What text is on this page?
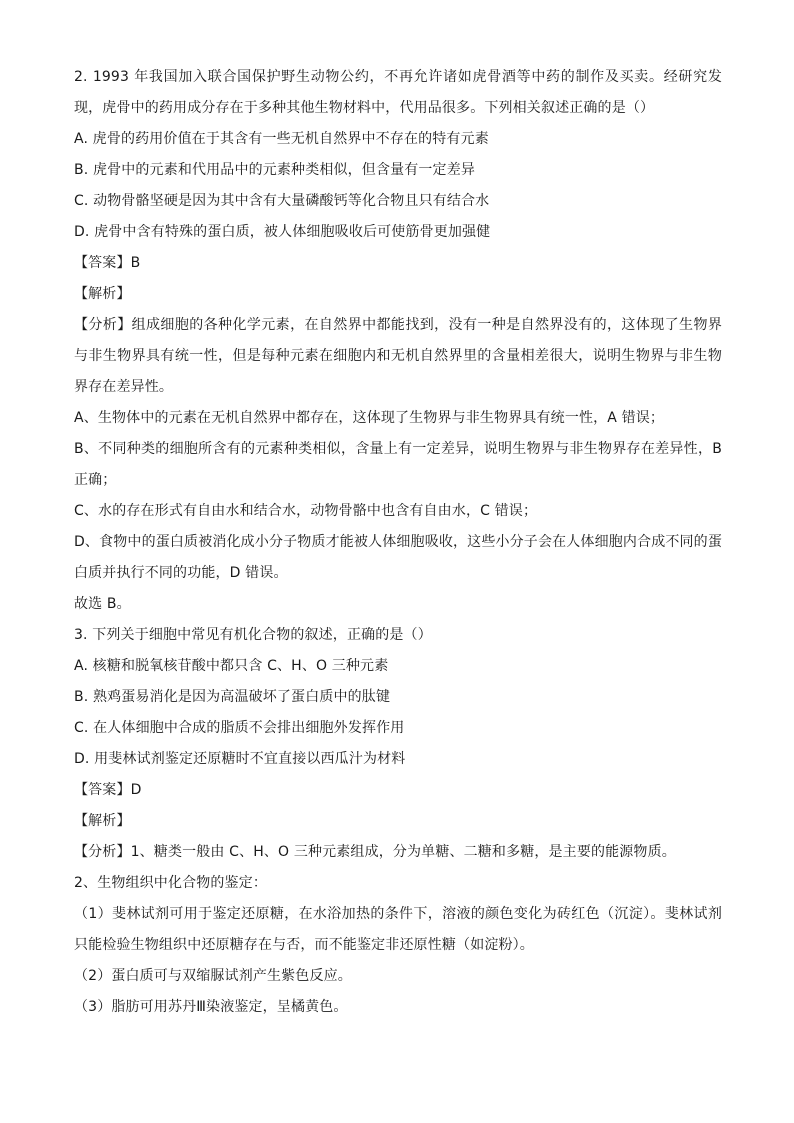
2. 1993 年我国加入联合国保护野生动物公约，不再允许诸如虎骨酒等中药的制作及买卖。经研究发现，虎骨中的药用成分存在于多种其他生物材料中，代用品很多。下列相关叙述正确的是（）
A. 虎骨的药用价值在于其含有一些无机自然界中不存在的特有元素
B. 虎骨中的元素和代用品中的元素种类相似，但含量有一定差异
C. 动物骨骼坚硬是因为其中含有大量磷酸钙等化合物且只有结合水
D. 虎骨中含有特殊的蛋白质，被人体细胞吸收后可使筋骨更加强健
【答案】B
【解析】
【分析】组成细胞的各种化学元素，在自然界中都能找到，没有一种是自然界没有的，这体现了生物界与非生物界具有统一性，但是每种元素在细胞内和无机自然界里的含量相差很大，说明生物界与非生物界存在差异性。
A、生物体中的元素在无机自然界中都存在，这体现了生物界与非生物界具有统一性，A 错误；
B、不同种类的细胞所含有的元素种类相似，含量上有一定差异，说明生物界与非生物界存在差异性，B 正确；
C、水的存在形式有自由水和结合水，动物骨骼中也含有自由水，C 错误；
D、食物中的蛋白质被消化成小分子物质才能被人体细胞吸收，这些小分子会在人体细胞内合成不同的蛋白质并执行不同的功能，D 错误。
故选 B。
3. 下列关于细胞中常见有机化合物的叙述，正确的是（）
A. 核糖和脱氧核苷酸中都只含 C、H、O 三种元素
B. 熟鸡蛋易消化是因为高温破坏了蛋白质中的肽键
C. 在人体细胞中合成的脂质不会排出细胞外发挥作用
D. 用斐林试剂鉴定还原糖时不宜直接以西瓜汁为材料
【答案】D
【解析】
【分析】1、糖类一般由 C、H、O 三种元素组成，分为单糖、二糖和多糖，是主要的能源物质。
2、生物组织中化合物的鉴定：
（1）斐林试剂可用于鉴定还原糖，在水浴加热的条件下，溶液的颜色变化为砖红色（沉淀）。斐林试剂只能检验生物组织中还原糖存在与否，而不能鉴定非还原性糖（如淀粉）。
（2）蛋白质可与双缩脲试剂产生紫色反应。
（3）脂肪可用苏丹Ⅲ染液鉴定，呈橘黄色。
